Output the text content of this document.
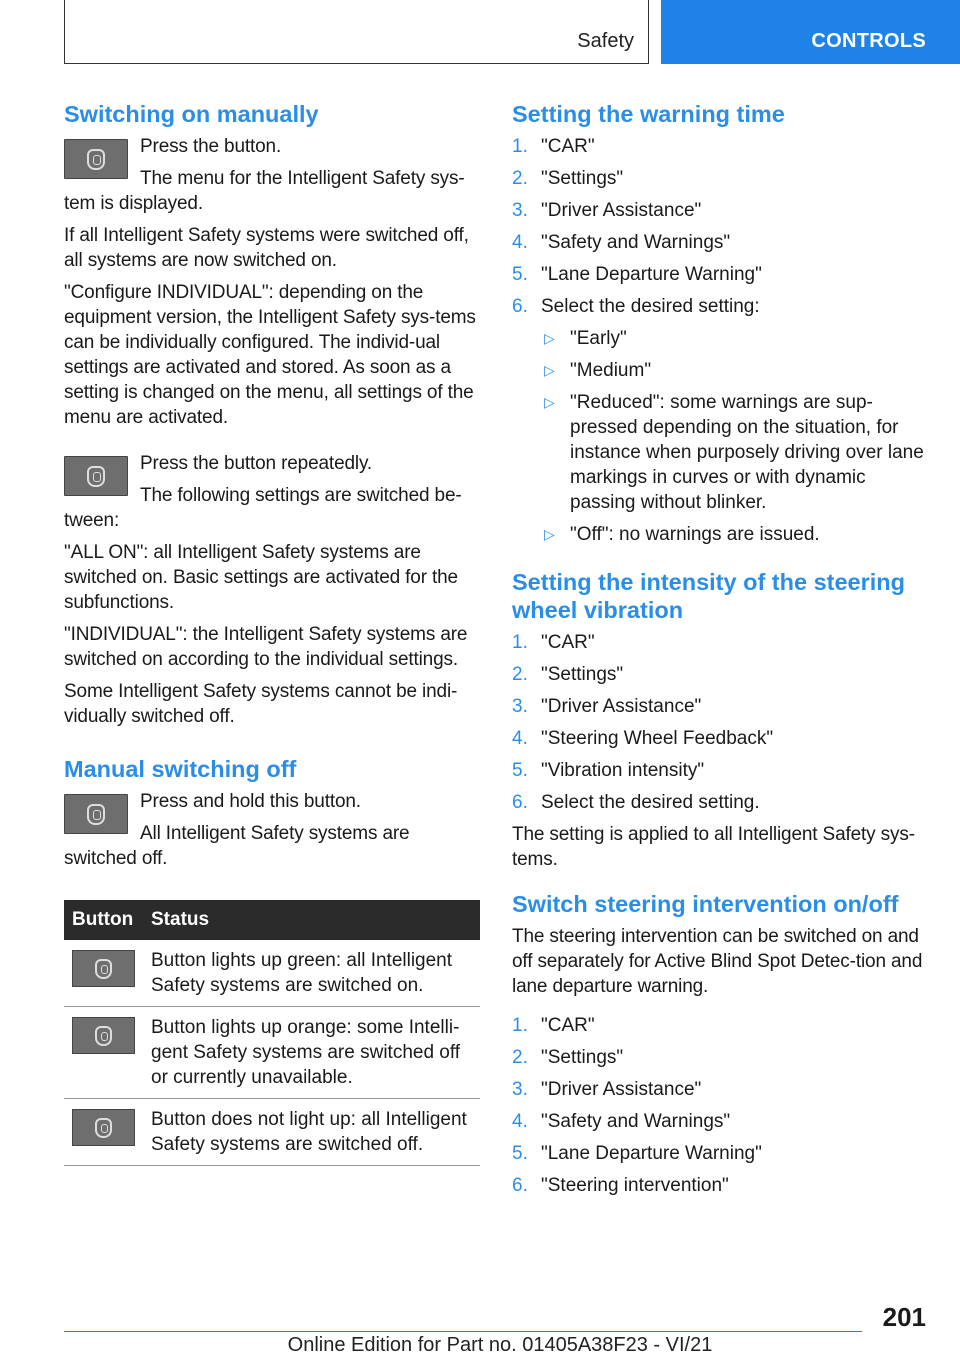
Safety	CONTROLS
Switching on manually

Press the button.

The menu for the Intelligent Safety sys‐tem is displayed.

If all Intelligent Safety systems were switched off, all systems are now switched on.

"Configure INDIVIDUAL": depending on the equipment version, the Intelligent Safety sys‐tems can be individually configured. The individ‐ual settings are activated and stored. As soon as a setting is changed on the menu, all settings of the menu are activated.

Press the button repeatedly.

The following settings are switched be‐tween:

"ALL ON": all Intelligent Safety systems are switched on. Basic settings are activated for the subfunctions.

"INDIVIDUAL": the Intelligent Safety systems are switched on according to the individual settings.

Some Intelligent Safety systems cannot be indi‐vidually switched off.

Manual switching off

Press and hold this button.

All Intelligent Safety systems are switched off.

Button	Status

	Button lights up green: all Intelligent Safety systems are switched on.

	Button lights up orange: some Intelli‐gent Safety systems are switched off or currently unavailable.

	Button does not light up: all Intelligent Safety systems are switched off.
Setting the warning time
1. "CAR"
2. "Settings"
3. "Driver Assistance"
4. "Safety and Warnings"
5. "Lane Departure Warning"
6. Select the desired setting:
▷ "Early"
▷ "Medium"
▷ "Reduced": some warnings are sup‐pressed depending on the situation, for instance when purposely driving over lane markings in curves or with dynamic passing without blinker.
▷ "Off": no warnings are issued.
Setting the intensity of the steering wheel vibration
1. "CAR"
2. "Settings"
3. "Driver Assistance"
4. "Steering Wheel Feedback"
5. "Vibration intensity"
6. Select the desired setting.

The setting is applied to all Intelligent Safety sys‐tems.

Switch steering intervention on/off

The steering intervention can be switched on and off separately for Active Blind Spot Detec‐tion and lane departure warning.

1. "CAR"
2. "Settings"
3. "Driver Assistance"
4. "Safety and Warnings"
5. "Lane Departure Warning"
6. "Steering intervention"
201
Online Edition for Part no. 01405A38F23 - VI/21
